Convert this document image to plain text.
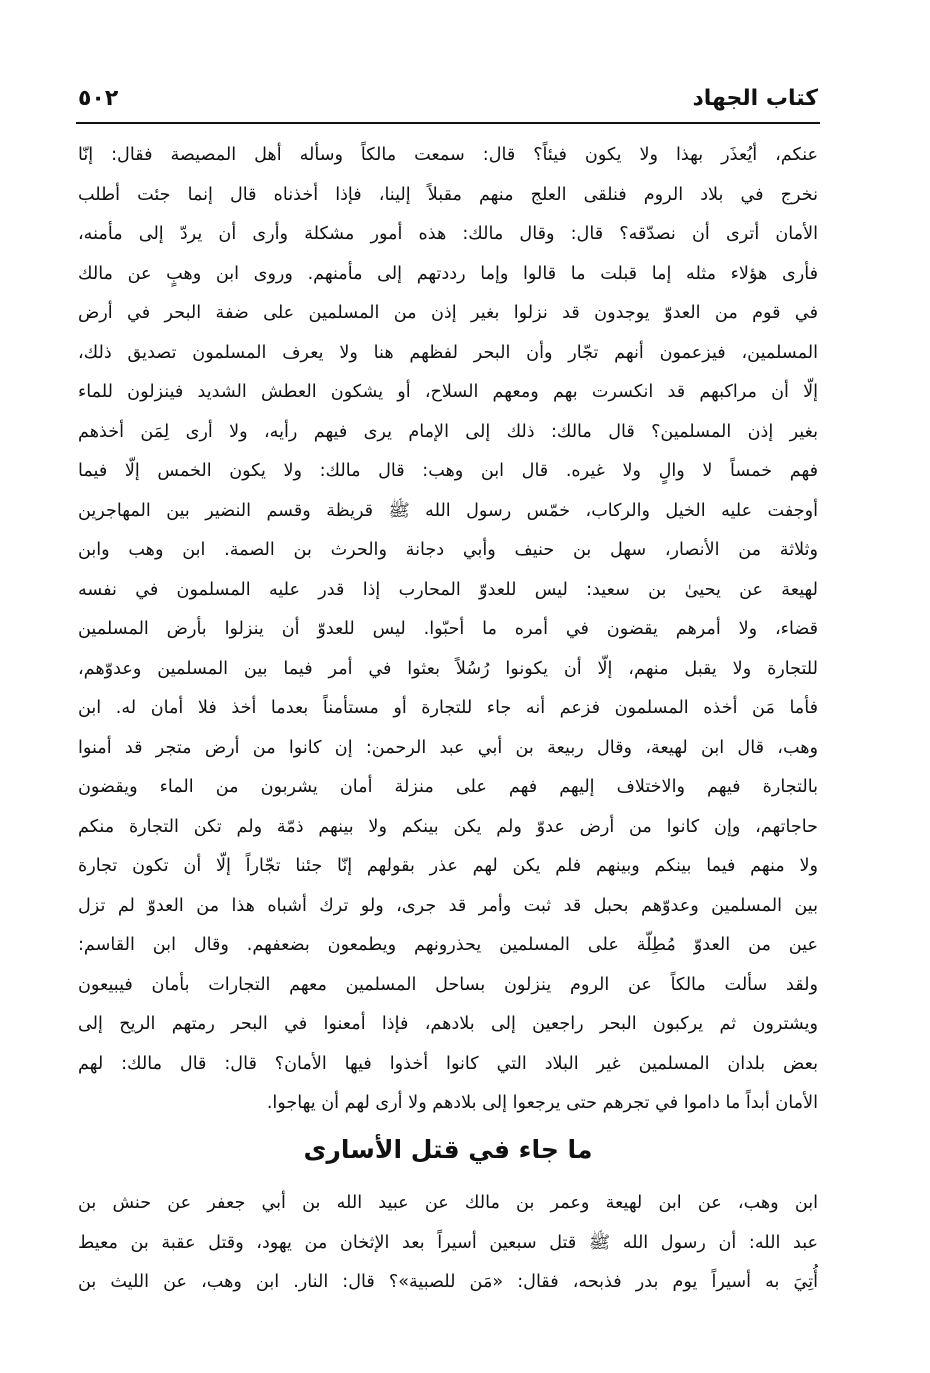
كتاب الجهاد
٥٠٢
عنكم، أيُعذَر بهذا ولا يكون فيئاً؟ قال: سمعت مالكاً وسأله أهل المصيصة فقال: إنّا
نخرج في بلاد الروم فنلقى العلج منهم مقبلاً إلينا، فإذا أخذناه قال إنما جئت أطلب
الأمان أترى أن نصدّقه؟ قال: وقال مالك: هذه أمور مشكلة وأرى أن يردّ إلى مأمنه،
فأرى هؤلاء مثله إما قبلت ما قالوا وإما رددتهم إلى مأمنهم. وروى ابن وهبٍ عن مالك
في قوم من العدوّ يوجدون قد نزلوا بغير إذن من المسلمين على ضفة البحر في أرض
المسلمين، فيزعمون أنهم تجّار وأن البحر لفظهم هنا ولا يعرف المسلمون تصديق ذلك،
إلّا أن مراكبهم قد انكسرت بهم ومعهم السلاح، أو يشكون العطش الشديد فينزلون للماء
بغير إذن المسلمين؟ قال مالك: ذلك إلى الإمام يرى فيهم رأيه، ولا أرى لِمَن أخذهم
فهم خمساً لا والٍ ولا غيره. قال ابن وهب: قال مالك: ولا يكون الخمس إلّا فيما
أوجفت عليه الخيل والركاب، خمّس رسول الله ﷺ قريظة وقسم النضير بين المهاجرين
وثلاثة من الأنصار، سهل بن حنيف وأبي دجانة والحرث بن الصمة. ابن وهب وابن
لهيعة عن يحيىٰ بن سعيد: ليس للعدوّ المحارب إذا قدر عليه المسلمون في نفسه
قضاء، ولا أمرهم يقضون في أمره ما أحبّوا. ليس للعدوّ أن ينزلوا بأرض المسلمين
للتجارة ولا يقبل منهم، إلّا أن يكونوا رُسُلاً بعثوا في أمر فيما بين المسلمين وعدوّهم،
فأما مَن أخذه المسلمون فزعم أنه جاء للتجارة أو مستأمناً بعدما أخذ فلا أمان له. ابن
وهب، قال ابن لهيعة، وقال ربيعة بن أبي عبد الرحمن: إن كانوا من أرض متجر قد أمنوا
بالتجارة فيهم والاختلاف إليهم فهم على منزلة أمان يشربون من الماء ويقضون
حاجاتهم، وإن كانوا من أرض عدوّ ولم يكن بينكم ولا بينهم ذمّة ولم تكن التجارة منكم
ولا منهم فيما بينكم وبينهم فلم يكن لهم عذر بقولهم إنّا جئنا تجّاراً إلّا أن تكون تجارة
بين المسلمين وعدوّهم بحبل قد ثبت وأمر قد جرى، ولو ترك أشباه هذا من العدوّ لم تزل
عين من العدوّ مُطِلّة على المسلمين يحذرونهم ويطمعون بضعفهم. وقال ابن القاسم:
ولقد سألت مالكاً عن الروم ينزلون بساحل المسلمين معهم التجارات بأمان فيبيعون
ويشترون ثم يركبون البحر راجعين إلى بلادهم، فإذا أمعنوا في البحر رمتهم الريح إلى
بعض بلدان المسلمين غير البلاد التي كانوا أخذوا فيها الأمان؟ قال: قال مالك: لهم
الأمان أبداً ما داموا في تجرهم حتى يرجعوا إلى بلادهم ولا أرى لهم أن يهاجوا.
ما جاء في قتل الأسارى
ابن وهب، عن ابن لهيعة وعمر بن مالك عن عبيد الله بن أبي جعفر عن حنش بن
عبد الله: أن رسول الله ﷺ قتل سبعين أسيراً بعد الإثخان من يهود، وقتل عقبة بن معيط
أُتِيَ به أسيراً يوم بدر فذبحه، فقال: «مَن للصبية»؟ قال: النار. ابن وهب، عن الليث بن
